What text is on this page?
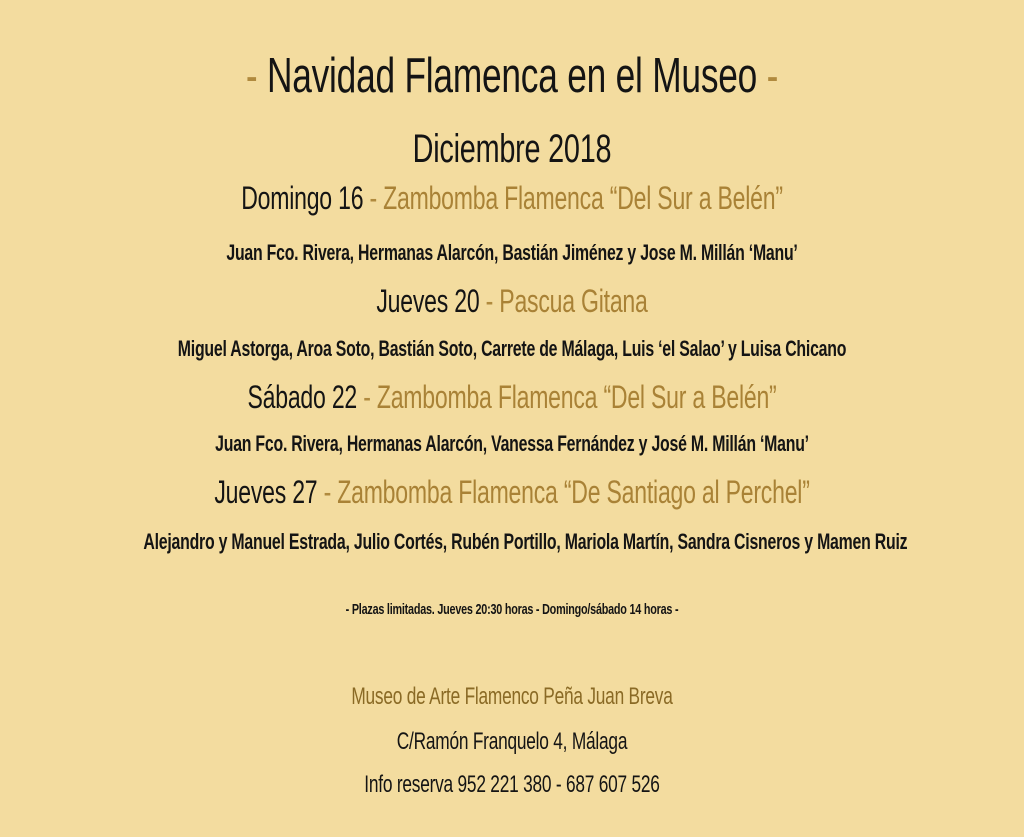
- Navidad Flamenca en el Museo -
Diciembre 2018
Domingo 16 - Zambomba Flamenca “Del Sur a Belén”
Juan Fco. Rivera, Hermanas Alarcón, Bastián Jiménez y Jose M. Millán ‘Manu’
Jueves 20 - Pascua Gitana
Miguel Astorga, Aroa Soto, Bastián Soto, Carrete de Málaga, Luis ‘el Salao’ y Luisa Chicano
Sábado 22 - Zambomba Flamenca “Del Sur a Belén”
Juan Fco. Rivera, Hermanas Alarcón, Vanessa Fernández y José M. Millán ‘Manu’
Jueves 27 - Zambomba Flamenca “De Santiago al Perchel”
Alejandro y Manuel Estrada, Julio Cortés, Rubén Portillo, Mariola Martín, Sandra Cisneros y Mamen Ruiz
- Plazas limitadas. Jueves 20:30 horas - Domingo/sábado 14 horas -
Museo de Arte Flamenco Peña Juan Breva
C/Ramón Franquelo 4, Málaga
Info reserva 952 221 380 - 687 607 526
